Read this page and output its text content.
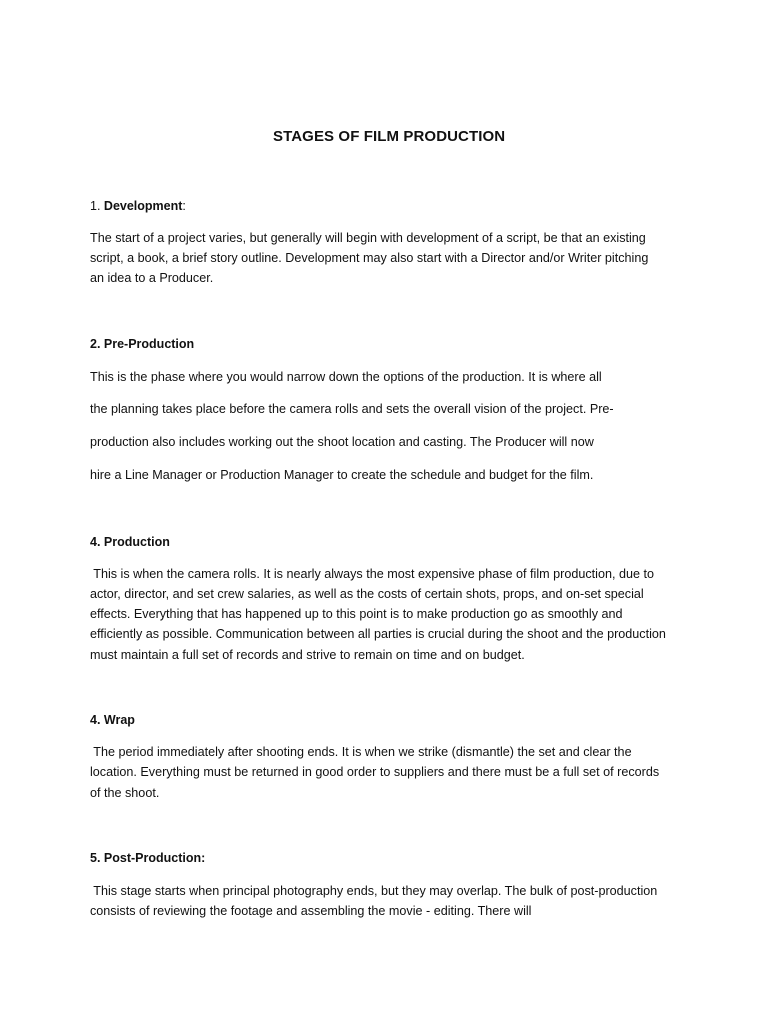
STAGES OF FILM PRODUCTION

1. Development:

The start of a project varies, but generally will begin with development of a script, be that an existing

script, a book, a brief story outline. Development may also start with a Director and/or Writer pitching

an idea to a Producer.

2. Pre-Production

This is the phase where you would narrow down the options of the production. It is where all

the planning takes place before the camera rolls and sets the overall vision of the project. Pre-

production also includes working out the shoot location and casting. The Producer will now

hire a Line Manager or Production Manager to create the schedule and budget for the film.

4. Production

This is when the camera rolls. It is nearly always the most expensive phase of film production, due to

actor, director, and set crew salaries, as well as the costs of certain shots, props, and on-set special

effects. Everything that has happened up to this point is to make production go as smoothly and

efficiently as possible. Communication between all parties is crucial during the shoot and the production

must maintain a full set of records and strive to remain on time and on budget.

4. Wrap

The period immediately after shooting ends. It is when we strike (dismantle) the set and clear the

location. Everything must be returned in good order to suppliers and there must be a full set of records

of the shoot.

5. Post-Production:

This stage starts when principal photography ends, but they may overlap. The bulk of post-production

consists of reviewing the footage and assembling the movie - editing. There will
